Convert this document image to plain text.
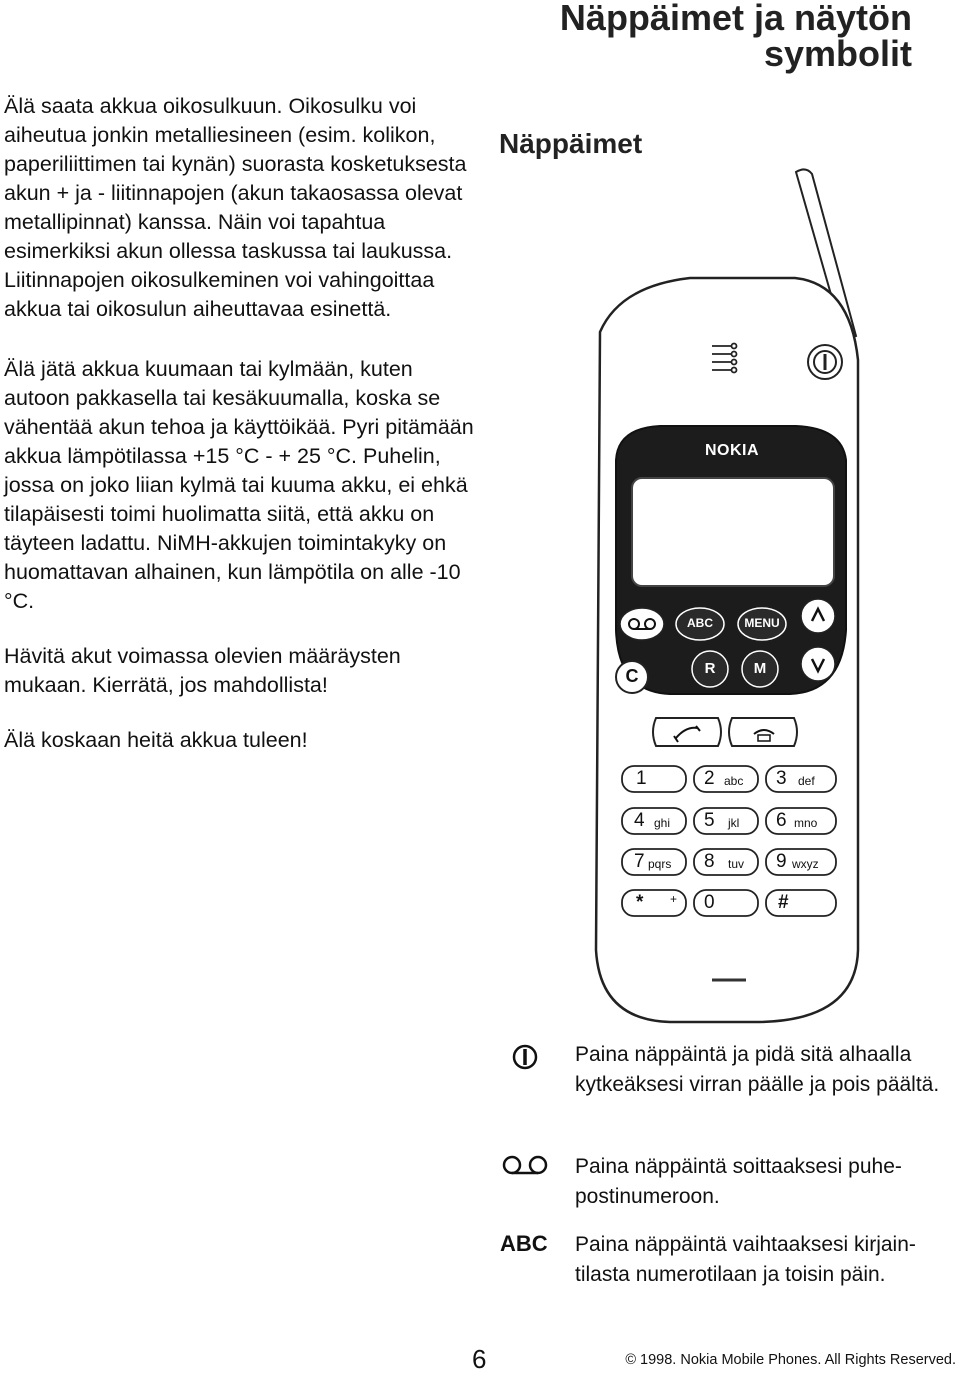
Näppäimet ja näytön
symbolit
Näppäimet

Älä saata akkua oikosulkuun. Oikosulku voi aiheutua jonkin metalliesineen (esim. kolikon, paperiliittimen tai kynän) suorasta kosketuksesta akun + ja - liitinnapojen (akun takaosassa olevat metallipinnat) kanssa. Näin voi tapahtua esimerkiksi akun ollessa taskussa tai laukussa. Liitinnapojen oikosulkeminen voi vahingoittaa akkua tai oikosulun aiheuttavaa esinettä.

Älä jätä akkua kuumaan tai kylmään, kuten autoon pakkasella tai kesäkuumalla, koska se vähentää akun tehoa ja käyttöikää. Pyri pitämään akkua lämpötilassa +15 °C - + 25 °C. Puhelin, jossa on joko liian kylmä tai kuuma akku, ei ehkä tilapäisesti toimi huolimatta siitä, että akku on täyteen ladattu. NiMH-akkujen toimintakyky on huomattavan alhainen, kun lämpötila on alle -10 °C.

Hävitä akut voimassa olevien määräysten mukaan. Kierrätä, jos mahdollista!

Älä koskaan heitä akkua tuleen!

NOKIA
ABC	MENU
R	M
C
1	2 abc 3 def
4 ghi 5 jkl 6 mno
7 pqrs 8 tuv 9 wxyz
* + 0	#
Paina näppäintä ja pidä sitä alhaalla kytkeäksesi virran päälle ja pois päältä.
Paina näppäintä soittaaksesi puhe-postinumeroon.
ABC	Paina näppäintä vaihtaaksesi kirjain-tilasta numerotilaan ja toisin päin.
6	© 1998. Nokia Mobile Phones. All Rights Reserved.
